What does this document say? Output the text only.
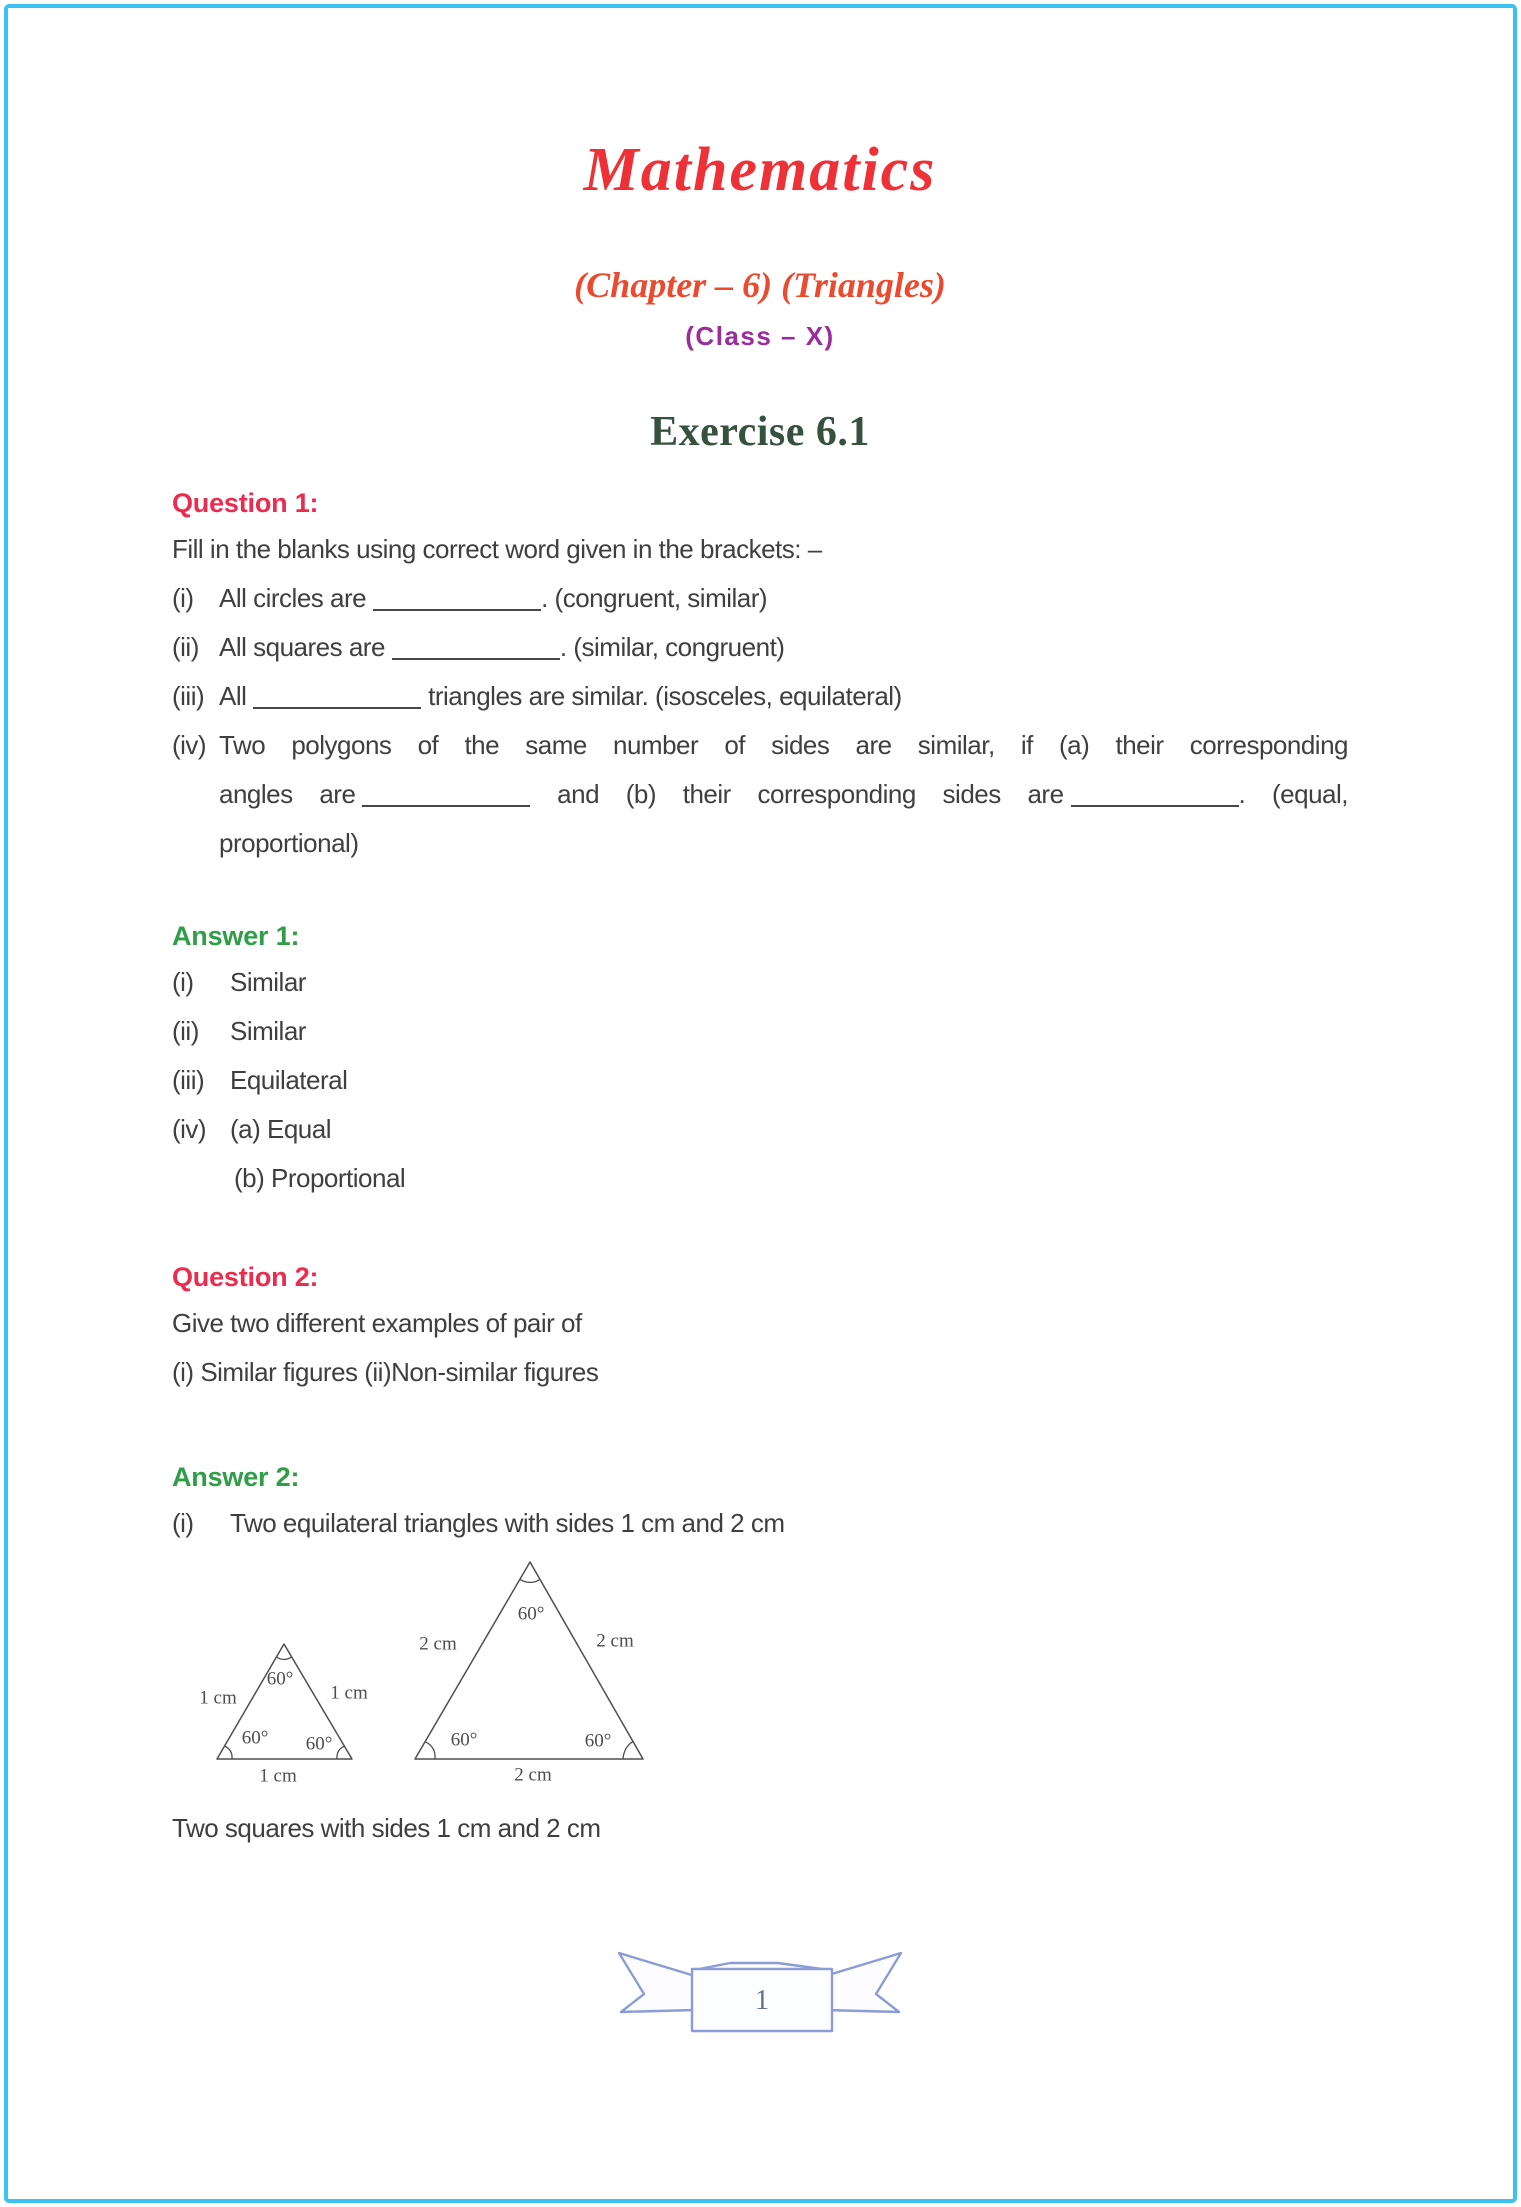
Mathematics
(Chapter – 6) (Triangles)
(Class – X)
Exercise 6.1
Question 1:

Fill in the blanks using correct word given in the brackets: –

(i) All circles are	. (congruent, similar)

(ii) All squares are	. (similar, congruent)

(iii) All	triangles are similar. (isosceles, equilateral)

(iv) Two polygons of the same number of sides are similar, if (a) their corresponding

angles are	and (b) their corresponding sides are	. (equal,

proportional)

Answer 1:

(i) Similar

(ii) Similar

(iii) Equilateral

(iv) (a) Equal

(b) Proportional

Question 2:

Give two different examples of pair of

(i) Similar figures (ii)Non-similar figures

Answer 2:

(i) Two equilateral triangles with sides 1 cm and 2 cm

60°
1 cm	1 cm
60° 60°
1 cm
60°
2 cm	2 cm
60°	60°
2 cm

Two squares with sides 1 cm and 2 cm

1
